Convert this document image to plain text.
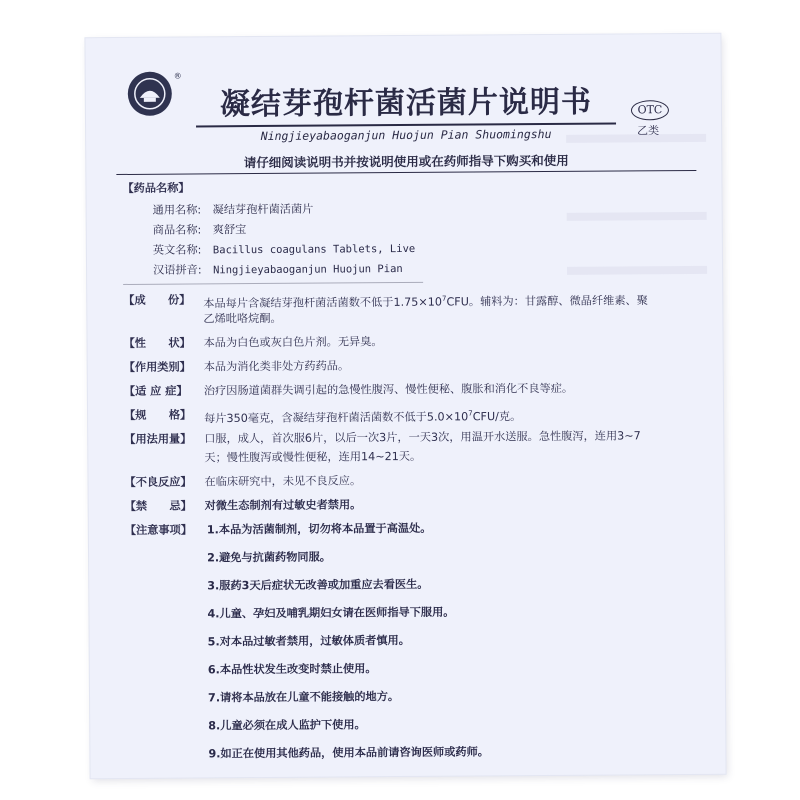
®
凝结芽孢杆菌活菌片说明书
Ningjieyabaoganjun Huojun Pian Shuomingshu
OTC
乙类
请仔细阅读说明书并按说明使用或在药师指导下购买和使用
【药品名称】
通用名称: 凝结芽孢杆菌活菌片
商品名称: 爽舒宝
英文名称: Bacillus coagulans Tablets, Live
汉语拼音: Ningjieyabaoganjun Huojun Pian
【成　　份】 本品每片含凝结芽孢杆菌活菌数不低于$1.75\times 10^7CFU$。辅料为：甘露醇、微晶纤维素、聚
乙烯吡咯烷酮。
【性　　状】 本品为白色或灰白色片剂。无异臭。
【作用类别】 本品为消化类非处方药药品。
【适 应 症】 治疗因肠道菌群失调引起的急慢性腹泻、慢性便秘、腹胀和消化不良等症。
【规　　格】 每片350毫克，含凝结芽孢杆菌活菌数不低于$5.0\times 10^7CFU/$克。
【用法用量】 口服，成人，首次服6片，以后一次3片，一天3次，用温开水送服。急性腹泻，连用3~7
天；慢性腹泻或慢性便秘，连用14~21天。
【不良反应】 在临床研究中，未见不良反应。
【禁　　忌】 对微生态制剂有过敏史者禁用。
【注意事项】 1.本品为活菌制剂，切勿将本品置于高温处。
2.避免与抗菌药物同服。
3.服药3天后症状无改善或加重应去看医生。
4.儿童、孕妇及哺乳期妇女请在医师指导下服用。
5.对本品过敏者禁用，过敏体质者慎用。
6.本品性状发生改变时禁止使用。
7.请将本品放在儿童不能接触的地方。
8.儿童必须在成人监护下使用。
9.如正在使用其他药品，使用本品前请咨询医师或药师。
